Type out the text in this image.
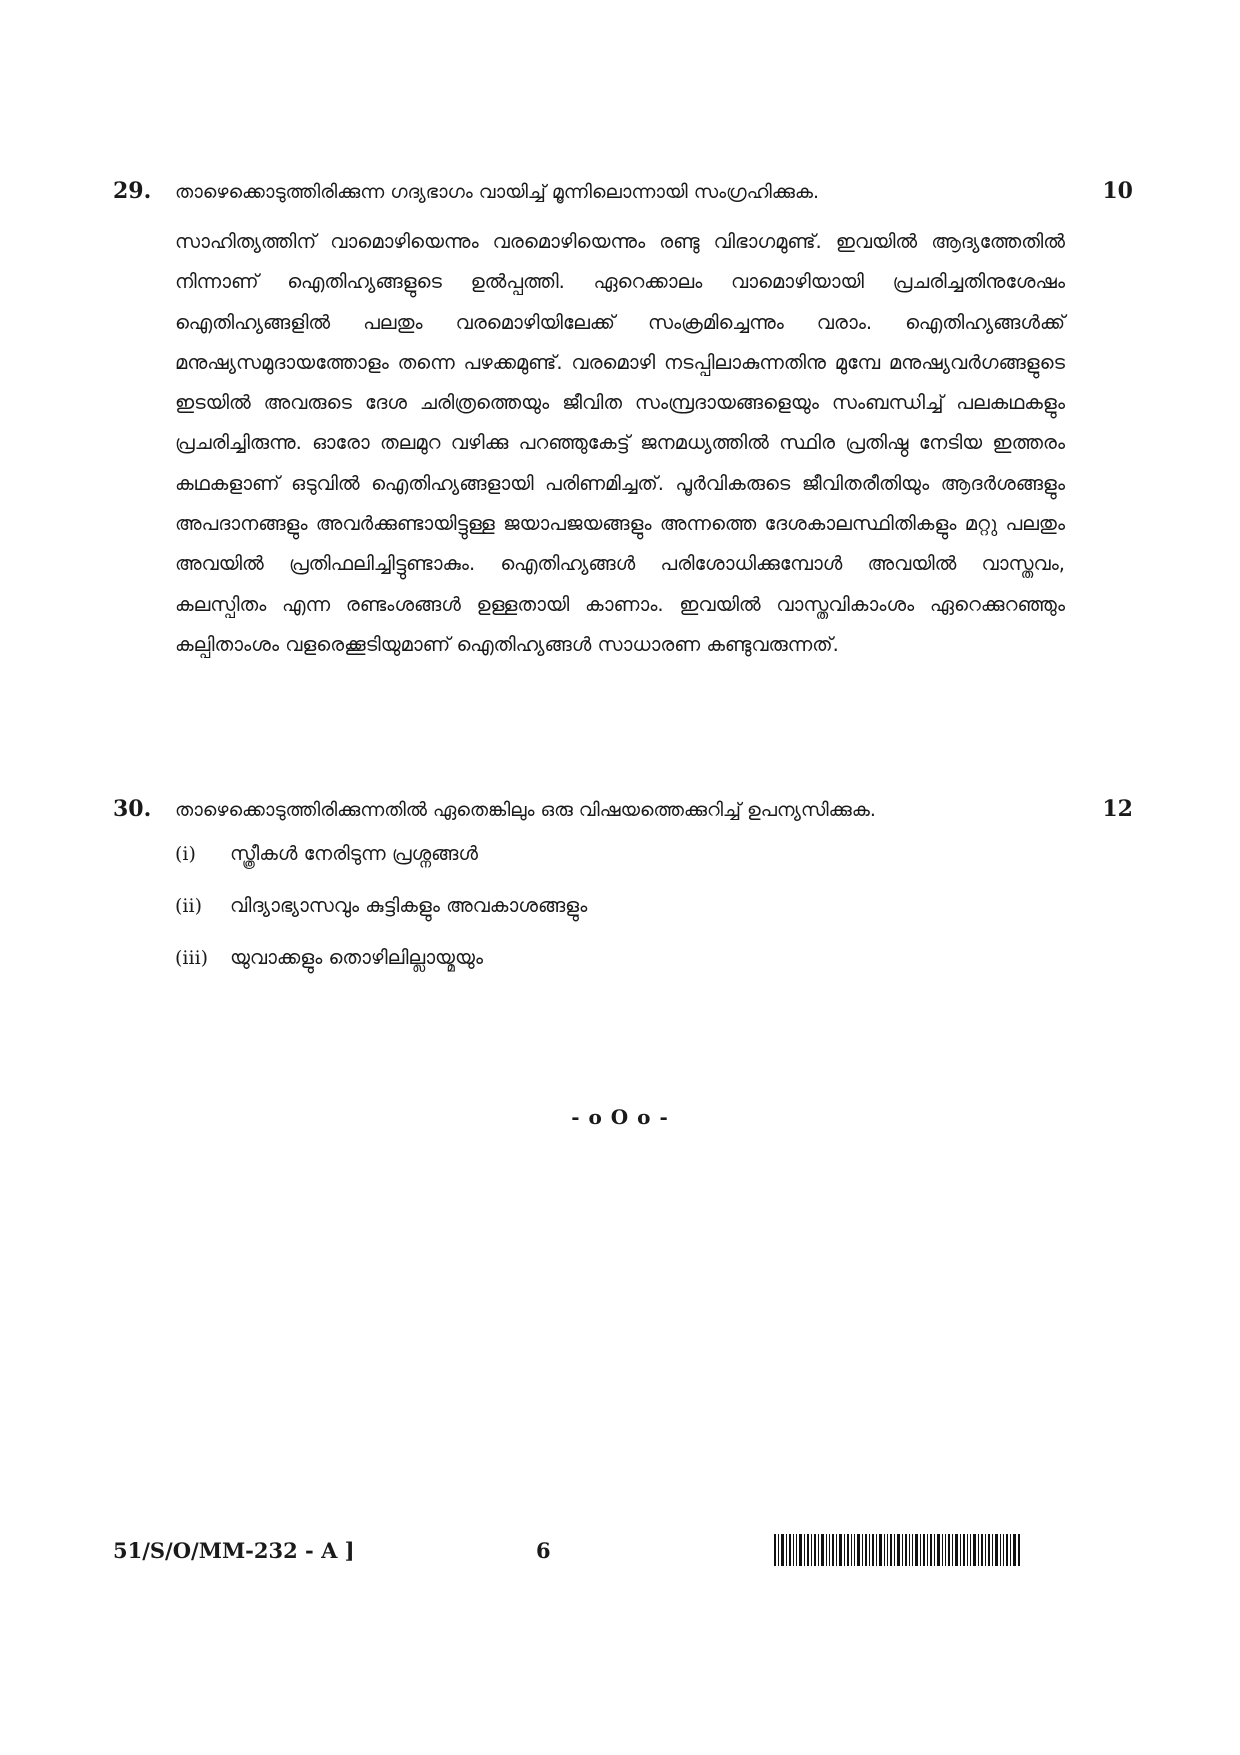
29.	താഴെക്കൊടുത്തിരിക്കുന്ന ഗദ്യഭാഗം വായിച്ച് മൂന്നിലൊന്നായി സംഗ്രഹിക്കുക.	10

സാഹിത്യത്തിന് വാമൊഴിയെന്നും വരമൊഴിയെന്നും രണ്ടു വിഭാഗമുണ്ട്. ഇവയിൽ ആദ്യത്തേതിൽ നിന്നാണ് ഐതിഹ്യങ്ങളുടെ ഉൽപ്പത്തി. ഏറെക്കാലം വാമൊഴിയായി പ്രചരിച്ചതിനുശേഷം ഐതിഹ്യങ്ങളിൽ പലതും വരമൊഴിയിലേക്ക് സംക്രമിച്ചെന്നും വരാം. ഐതിഹ്യങ്ങൾക്ക് മനുഷ്യസമുദായത്തോളം തന്നെ പഴക്കമുണ്ട്. വരമൊഴി നടപ്പിലാകുന്നതിനു മുമ്പേ മനുഷ്യവർഗങ്ങളുടെ ഇടയിൽ അവരുടെ ദേശ ചരിത്രത്തെയും ജീവിത സംമ്പ്രദായങ്ങളെയും സംബന്ധിച്ച് പലകഥകളും പ്രചരിച്ചിരുന്നു. ഓരോ തലമുറ വഴിക്കു പറഞ്ഞുകേട്ട് ജനമധ്യത്തിൽ സ്ഥിര പ്രതിഷ്ഠ നേടിയ ഇത്തരം കഥകളാണ് ഒടുവിൽ ഐതിഹ്യങ്ങളായി പരിണമിച്ചത്. പൂർവികരുടെ ജീവിതരീതിയും ആദർശങ്ങളും അപദാനങ്ങളും അവർക്കുണ്ടായിട്ടുള്ള ജയാപജയങ്ങളും അന്നത്തെ ദേശകാലസ്ഥിതികളും മറ്റു പലതും അവയിൽ പ്രതിഫലിച്ചിട്ടുണ്ടാകും. ഐതിഹ്യങ്ങൾ പരിശോധിക്കുമ്പോൾ അവയിൽ വാസ്തവം, കലസ്പിതം എന്ന രണ്ടംശങ്ങൾ ഉള്ളതായി കാണാം. ഇവയിൽ വാസ്തവികാംശം ഏറെക്കുറഞ്ഞും കല്പിതാംശം വളരെക്കൂടിയുമാണ് ഐതിഹ്യങ്ങൾ സാധാരണ കണ്ടുവരുന്നത്.

30.	താഴെക്കൊടുത്തിരിക്കുന്നതിൽ ഏതെങ്കിലും ഒരു വിഷയത്തെക്കുറിച്ച് ഉപന്യസിക്കുക.	12
(i)	സ്ത്രീകൾ നേരിടുന്ന പ്രശ്നങ്ങൾ
(ii)	വിദ്യാഭ്യാസവും കുട്ടികളും അവകാശങ്ങളും
(iii)	യുവാക്കളും തൊഴിലില്ലായ്മയും
- o O o -
51/S/O/MM-232 - A ]	6
